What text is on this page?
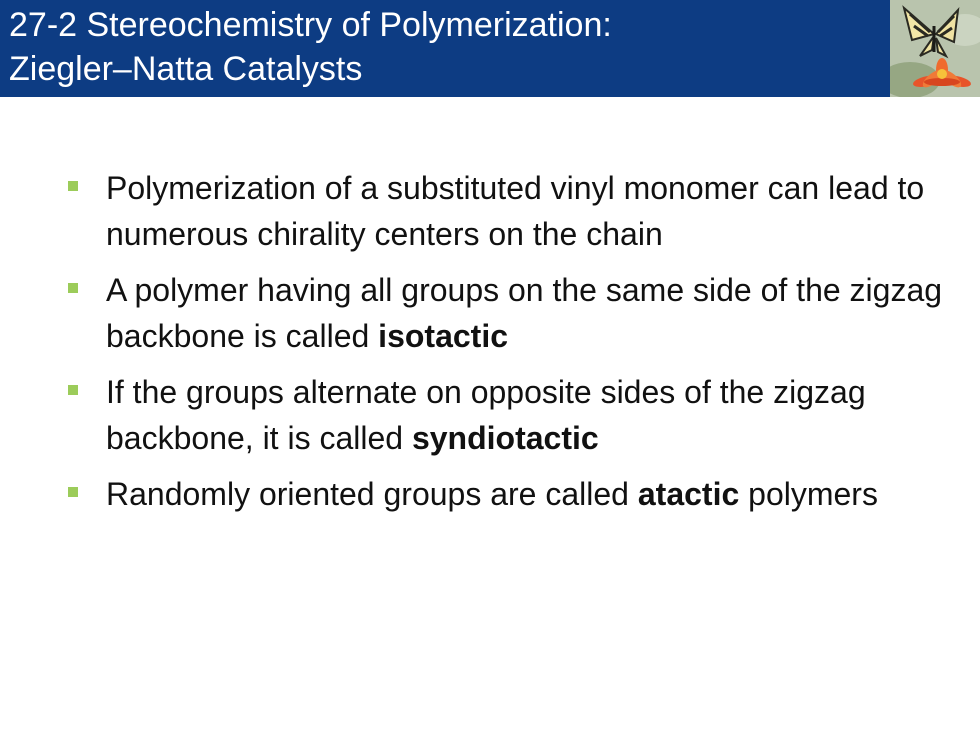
27-2 Stereochemistry of Polymerization:
Ziegler–Natta Catalysts
Polymerization of a substituted vinyl monomer can lead to numerous chirality centers on the chain
A polymer having all groups on the same side of the zigzag backbone is called isotactic
If the groups alternate on opposite sides of the zigzag backbone, it is called syndiotactic
Randomly oriented groups are called atactic polymers
